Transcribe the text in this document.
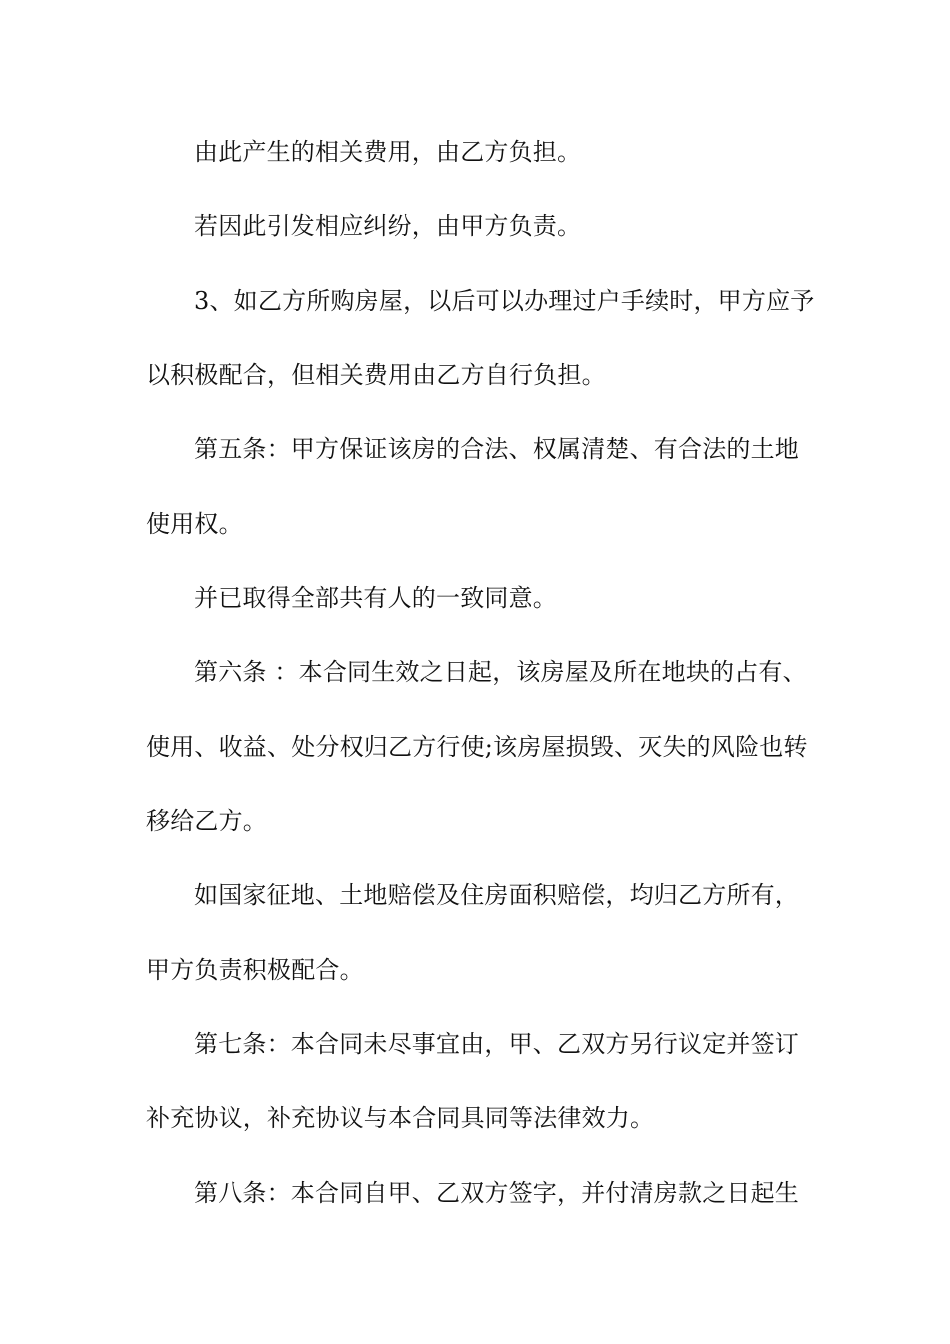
由此产生的相关费用，由乙方负担。
若因此引发相应纠纷，由甲方负责。
3、如乙方所购房屋，以后可以办理过户手续时，甲方应予
以积极配合，但相关费用由乙方自行负担。
第五条：甲方保证该房的合法、权属清楚、有合法的土地
使用权。
并已取得全部共有人的一致同意。
第六条 ：本合同生效之日起，该房屋及所在地块的占有、
使用、收益、处分权归乙方行使;该房屋损毁、灭失的风险也转
移给乙方。
如国家征地、土地赔偿及住房面积赔偿，均归乙方所有，
甲方负责积极配合。
第七条：本合同未尽事宜由，甲、乙双方另行议定并签订
补充协议，补充协议与本合同具同等法律效力。
第八条：本合同自甲、乙双方签字，并付清房款之日起生
